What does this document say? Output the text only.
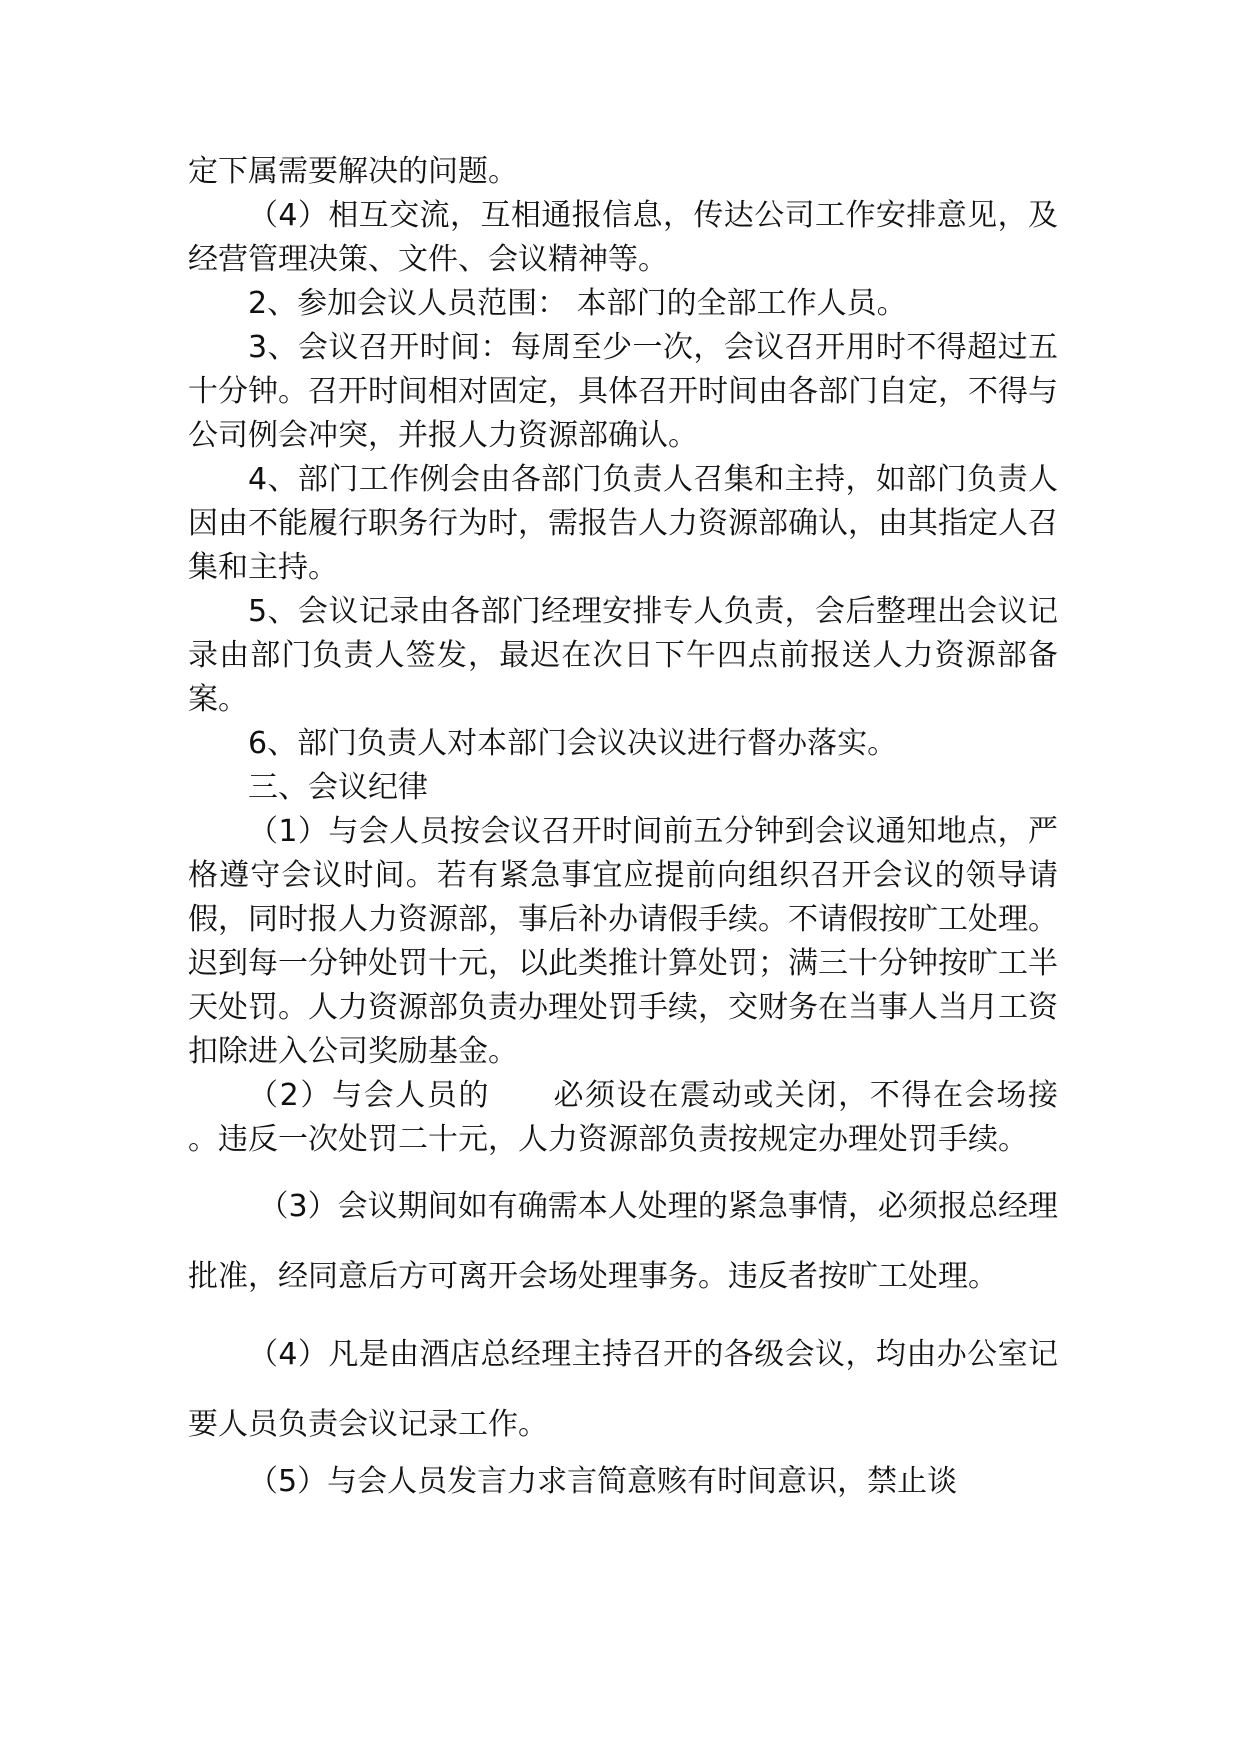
定下属需要解决的问题。

（4）相互交流，互相通报信息，传达公司工作安排意见，及经营管理决策、文件、会议精神等。

2、参加会议人员范围： 本部门的全部工作人员。

3、会议召开时间：每周至少一次，会议召开用时不得超过五十分钟。召开时间相对固定，具体召开时间由各部门自定，不得与公司例会冲突，并报人力资源部确认。

4、部门工作例会由各部门负责人召集和主持，如部门负责人因由不能履行职务行为时，需报告人力资源部确认，由其指定人召集和主持。

5、会议记录由各部门经理安排专人负责，会后整理出会议记录由部门负责人签发，最迟在次日下午四点前报送人力资源部备案。

6、部门负责人对本部门会议决议进行督办落实。

三、会议纪律

（1）与会人员按会议召开时间前五分钟到会议通知地点，严格遵守会议时间。若有紧急事宜应提前向组织召开会议的领导请假，同时报人力资源部，事后补办请假手续。不请假按旷工处理。迟到每一分钟处罚十元，以此类推计算处罚；满三十分钟按旷工半天处罚。人力资源部负责办理处罚手续，交财务在当事人当月工资扣除进入公司奖励基金。

（2）与会人员的　　必须设在震动或关闭，不得在会场接　　。违反一次处罚二十元，人力资源部负责按规定办理处罚手续。

（3）会议期间如有确需本人处理的紧急事情，必须报总经理批准，经同意后方可离开会场处理事务。违反者按旷工处理。

（4）凡是由酒店总经理主持召开的各级会议，均由办公室记要人员负责会议记录工作。

（5）与会人员发言力求言简意赅有时间意识，禁止谈
